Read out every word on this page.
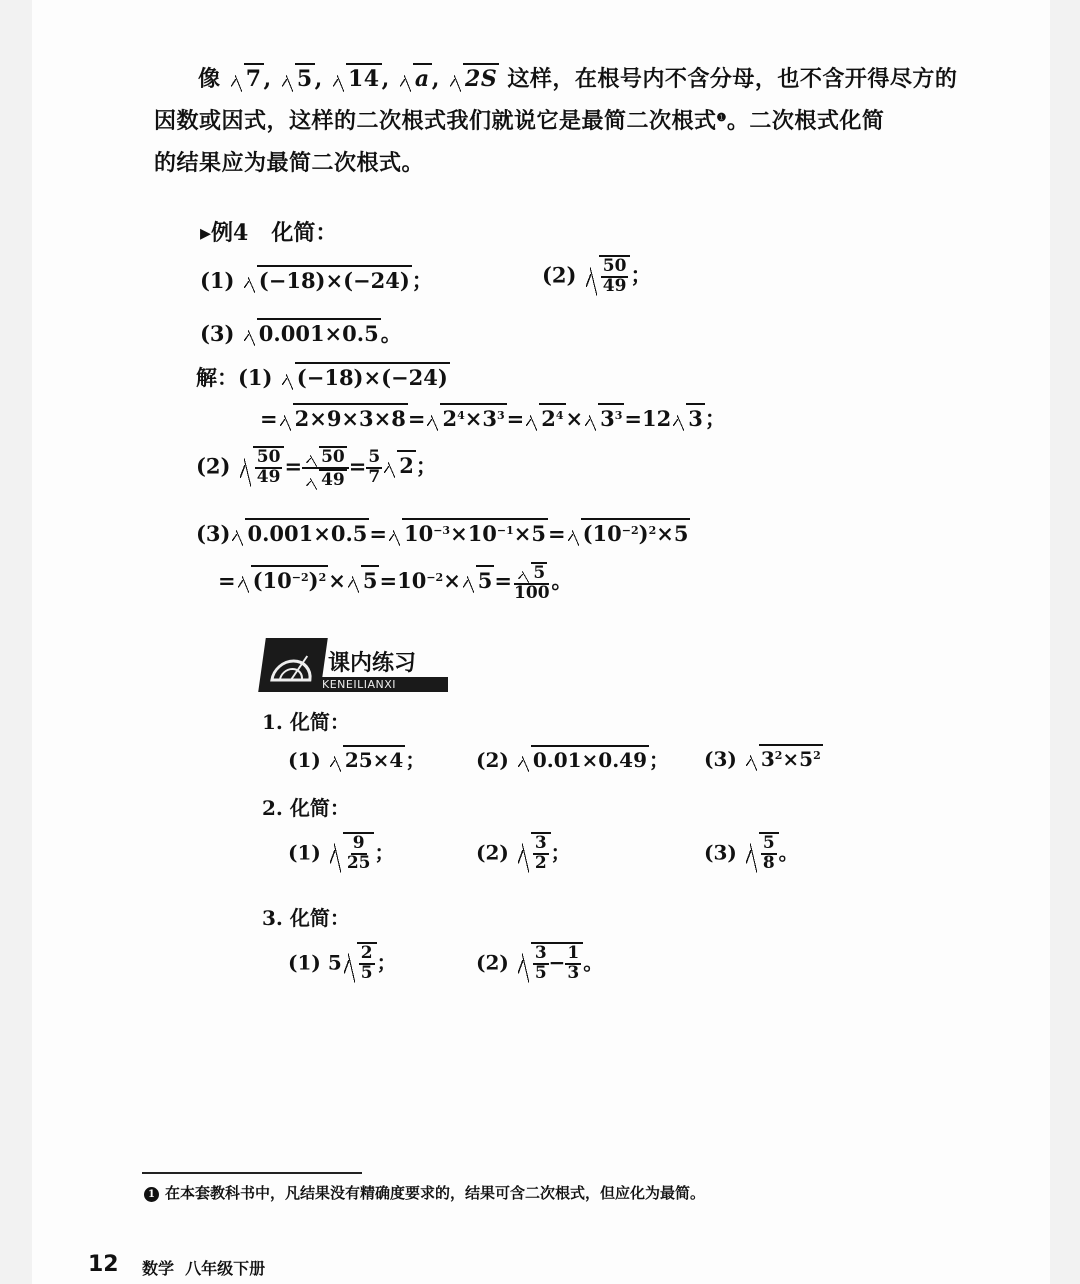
像 7, 5, 14, a, 2S 这样，在根号内不含分母，也不含开得尽方的
因数或因式，这样的二次根式我们就说它是最简二次根式$^❶$。二次根式化简
的结果应为最简二次根式。
▸例4 化简：
(1) (−18)×(−24)；	$(2) \frac{50}{49}$ ；
(3) 0.001×0.5。
解：(1) (−18)×(−24)
= $2\times 9\times 3\times 8= 2^4\times 3^3= 2^4\times 3^3=12$ 3；
$(2) \frac{50}{49} = \frac{50}{49} = \frac{5}{7} 2$；
(3) $0.001\times 0.5= 10^{-3}\times 10^{-1}\times 5= (10^{-2})^2\times 5$
= $(10^{-2})^2\times 5=10^{-2}\times 5= \frac{5}{100}$ 。
课内练习
KENEILIANXI
1. 化简：
(1) 25×4 ；	(2) 0.01×0.49 ； (3) $3^2\times 5^2$
2. 化简：
$(1) \frac{9}{25}$ ；	$(2) \frac{3}{2}$ ；	$(3) \frac{5}{8}$ 。
3. 化简：
(1) $5 \frac{2}{5}$ ；	$(2) \frac{3}{5} - \frac{1}{3}$ 。
1 在本套教科书中，凡结果没有精确度要求的，结果可含二次根式，但应化为最简。
12 数学 八年级下册
